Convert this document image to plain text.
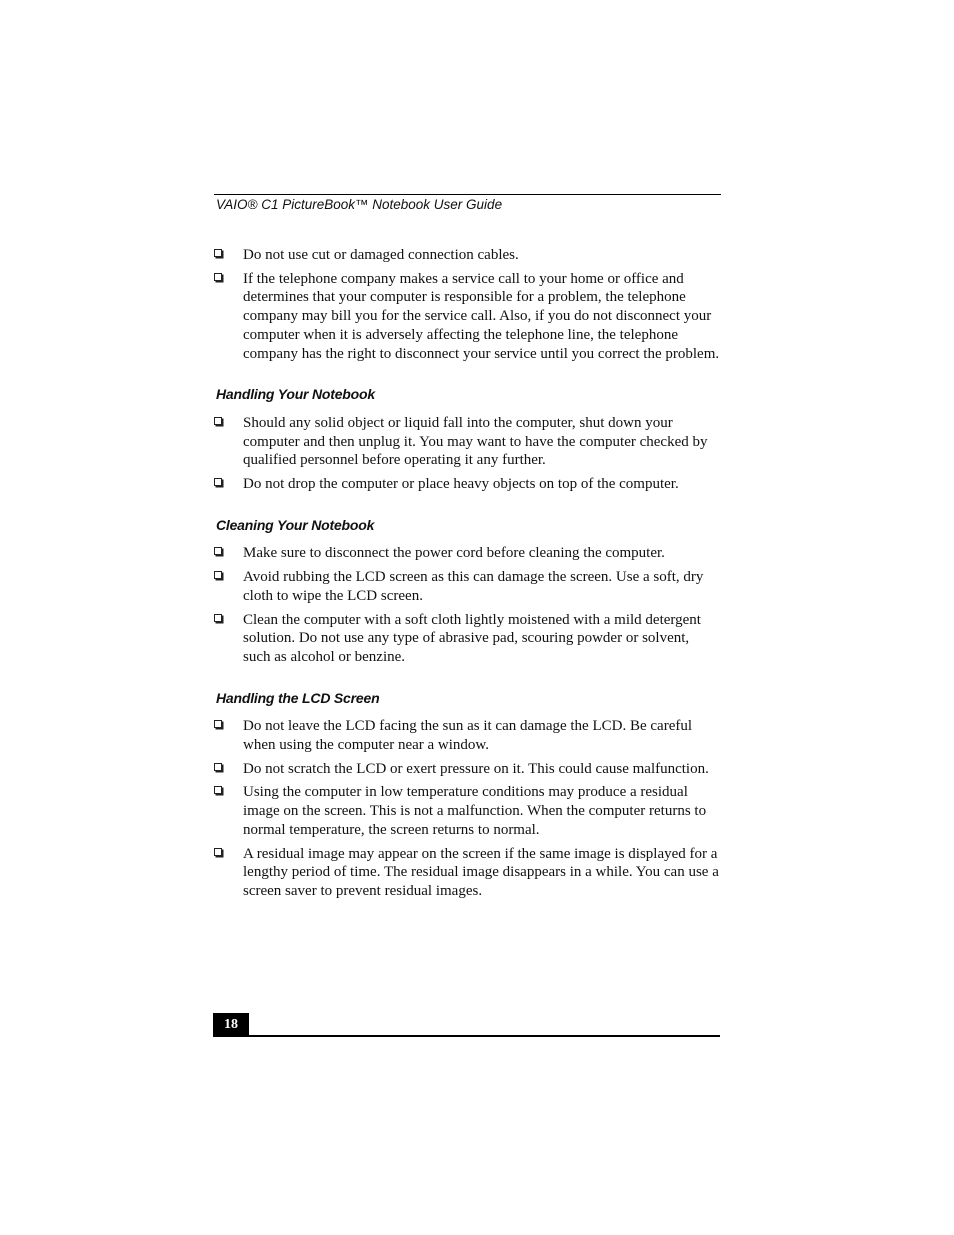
VAIO® C1 PictureBook™ Notebook User Guide
Do not use cut or damaged connection cables.
If the telephone company makes a service call to your home or office and determines that your computer is responsible for a problem, the telephone company may bill you for the service call. Also, if you do not disconnect your computer when it is adversely affecting the telephone line, the telephone company has the right to disconnect your service until you correct the problem.
Handling Your Notebook
Should any solid object or liquid fall into the computer, shut down your computer and then unplug it. You may want to have the computer checked by qualified personnel before operating it any further.
Do not drop the computer or place heavy objects on top of the computer.
Cleaning Your Notebook
Make sure to disconnect the power cord before cleaning the computer.
Avoid rubbing the LCD screen as this can damage the screen. Use a soft, dry cloth to wipe the LCD screen.
Clean the computer with a soft cloth lightly moistened with a mild detergent solution. Do not use any type of abrasive pad, scouring powder or solvent, such as alcohol or benzine.
Handling the LCD Screen
Do not leave the LCD facing the sun as it can damage the LCD. Be careful when using the computer near a window.
Do not scratch the LCD or exert pressure on it. This could cause malfunction.
Using the computer in low temperature conditions may produce a residual image on the screen. This is not a malfunction. When the computer returns to normal temperature, the screen returns to normal.
A residual image may appear on the screen if the same image is displayed for a lengthy period of time. The residual image disappears in a while. You can use a screen saver to prevent residual images.
18
